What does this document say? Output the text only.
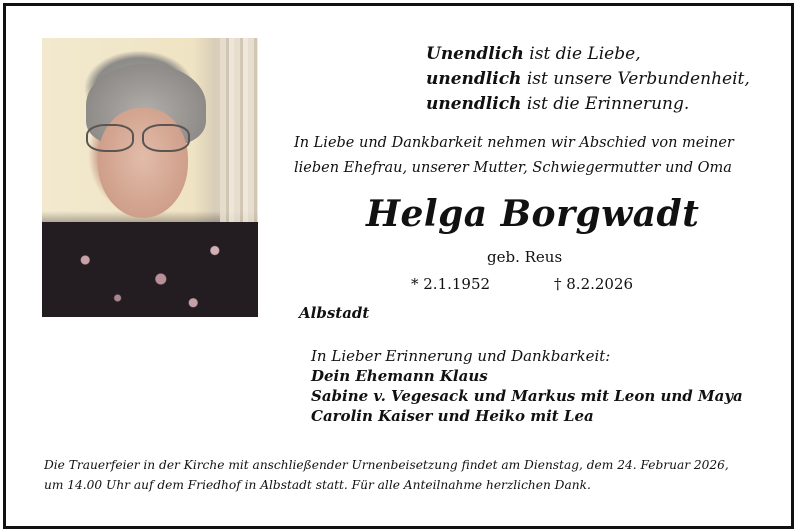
Unendlich ist die Liebe,
unendlich ist unsere Verbundenheit,
unendlich ist die Erinnerung.
In Liebe und Dankbarkeit nehmen wir Abschied von meiner
lieben Ehefrau, unserer Mutter, Schwiegermutter und Oma
Helga Borgwadt
geb. Reus
* 2.1.1952	† 8.2.2026
Albstadt
In Lieber Erinnerung und Dankbarkeit:
Dein Ehemann Klaus
Sabine v. Vegesack und Markus mit Leon und Maya
Carolin Kaiser und Heiko mit Lea
Die Trauerfeier in der Kirche mit anschließender Urnenbeisetzung findet am Dienstag, dem 24. Februar 2026,
um 14.00 Uhr auf dem Friedhof in Albstadt statt. Für alle Anteilnahme herzlichen Dank.
